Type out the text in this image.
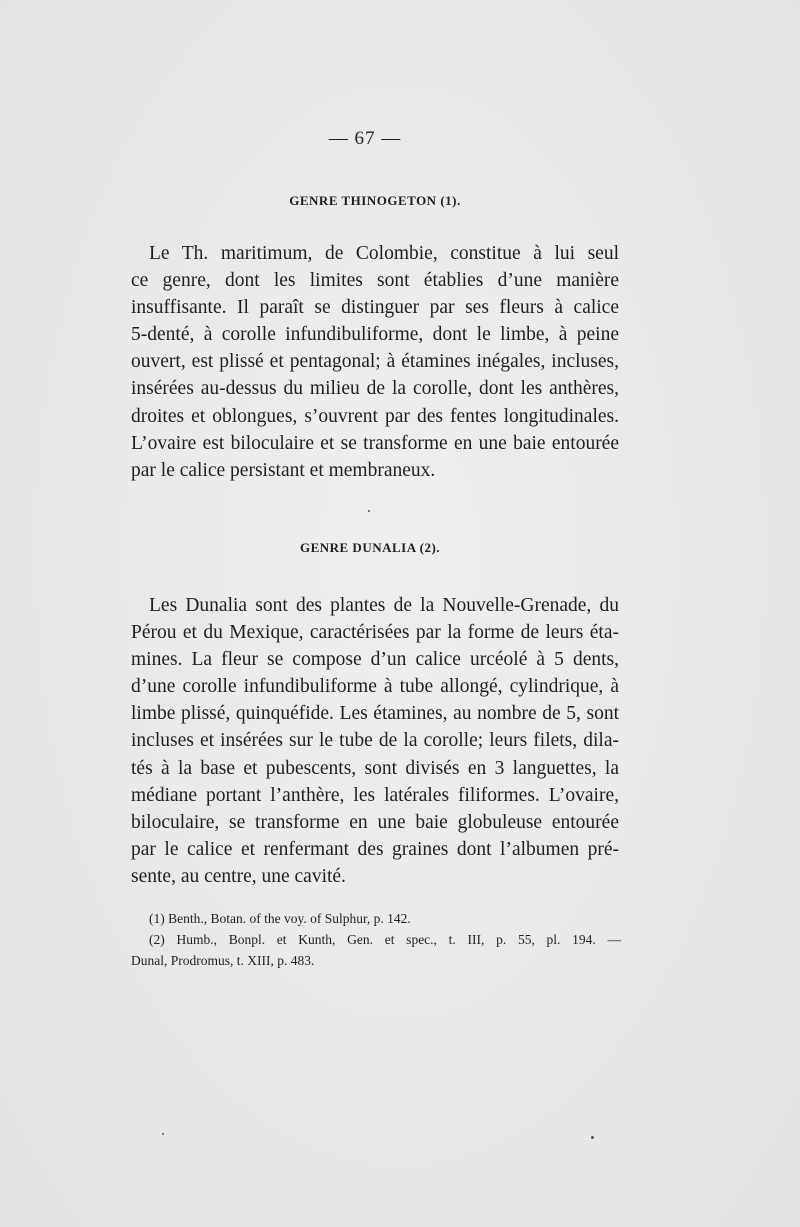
— 67 —
GENRE THINOGETON (1).
Le Th. maritimum, de Colombie, constitue à lui seul
ce genre, dont les limites sont établies d’une manière
insuffisante. Il paraît se distinguer par ses fleurs à calice
5-denté, à corolle infundibuliforme, dont le limbe, à peine
ouvert, est plissé et pentagonal; à étamines inégales, incluses,
insérées au-dessus du milieu de la corolle, dont les anthères,
droites et oblongues, s’ouvrent par des fentes longitudinales.
L’ovaire est biloculaire et se transforme en une baie entourée
par le calice persistant et membraneux.
GENRE DUNALIA (2).
Les Dunalia sont des plantes de la Nouvelle-Grenade, du
Pérou et du Mexique, caractérisées par la forme de leurs éta-
mines. La fleur se compose d’un calice urcéolé à 5 dents,
d’une corolle infundibuliforme à tube allongé, cylindrique, à
limbe plissé, quinquéfide. Les étamines, au nombre de 5, sont
incluses et insérées sur le tube de la corolle; leurs filets, dila-
tés à la base et pubescents, sont divisés en 3 languettes, la
médiane portant l’anthère, les latérales filiformes. L’ovaire,
biloculaire, se transforme en une baie globuleuse entourée
par le calice et renfermant des graines dont l’albumen pré-
sente, au centre, une cavité.
(1) Benth., Botan. of the voy. of Sulphur, p. 142.
(2) Humb., Bonpl. et Kunth, Gen. et spec., t. III, p. 55, pl. 194. —
Dunal, Prodromus, t. XIII, p. 483.
